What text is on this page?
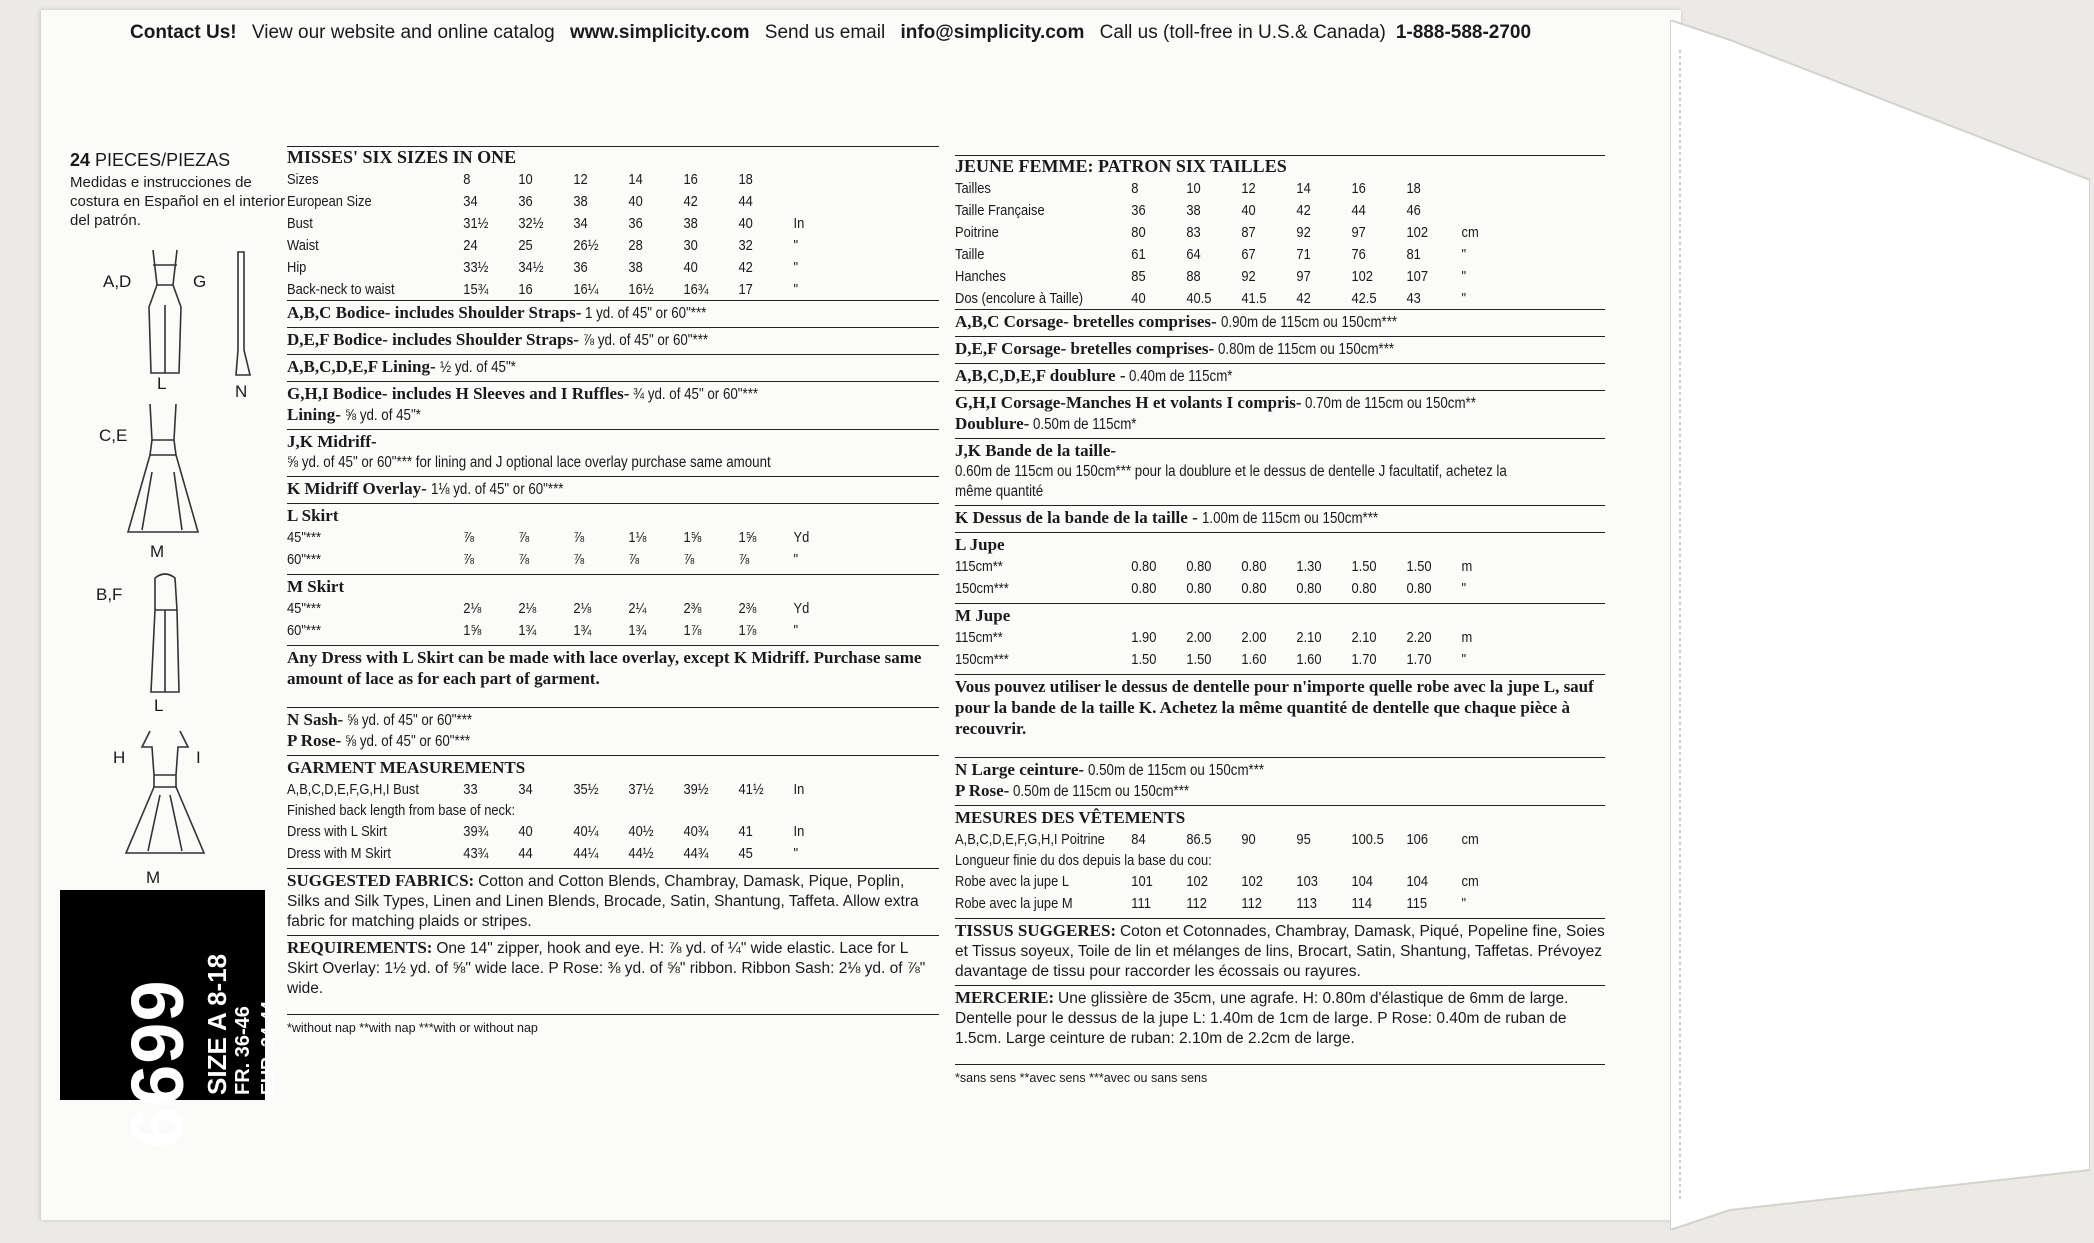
Contact Us! View our website and online catalog www.simplicity.com Send us email info@simplicity.com Call us (toll-free in U.S.& Canada) 1-888-588-2700
24 PIECES/PIEZAS
Medidas e instrucciones de costura en Español en el interior del patrón.
A,D	G
L	N
C,E
M
B,F
L
H	I
M
6699 SIZE A 8-18 FR. 36-46 EUR. 34-44
MISSES' SIX SIZES IN ONE
Sizes	8	10	12	14	16	18	
European Size	34	36	38	40	42	44	
Bust	31½	32½	34	36	38	40	In
Waist	24	25	26½	28	30	32	"
Hip	33½	34½	36	38	40	42	"
Back-neck to waist	15¾	16	16¼	16½	16¾	17	"
A,B,C Bodice- includes Shoulder Straps- 1 yd. of 45" or 60"***
D,E,F Bodice- includes Shoulder Straps- ⅞ yd. of 45" or 60"***
A,B,C,D,E,F Lining- ½ yd. of 45"*
G,H,I Bodice- includes H Sleeves and I Ruffles- ¾ yd. of 45" or 60"***
Lining- ⅝ yd. of 45"*
J,K Midriff- ⅝ yd. of 45" or 60"*** for lining and J optional lace overlay purchase same amount
K Midriff Overlay- 1⅛ yd. of 45" or 60"***
L Skirt
45"***	⅞	⅞	⅞	1⅛	1⅝	1⅝	Yd
60"***	⅞	⅞	⅞	⅞	⅞	⅞	"
M Skirt
45"***	2⅛	2⅛	2⅛	2¼	2⅜	2⅜	Yd
60"***	1⅝	1¾	1¾	1¾	1⅞	1⅞	"
Any Dress with L Skirt can be made with lace overlay, except K Midriff. Purchase same amount of lace as for each part of garment.
N Sash- ⅝ yd. of 45" or 60"***
P Rose- ⅝ yd. of 45" or 60"***
GARMENT MEASUREMENTS
A,B,C,D,E,F,G,H,I Bust	33	34	35½	37½	39½	41½	In
Finished back length from base of neck:
Dress with L Skirt	39¾	40	40¼	40½	40¾	41	In
Dress with M Skirt	43¾	44	44¼	44½	44¾	45	"
SUGGESTED FABRICS: Cotton and Cotton Blends, Chambray, Damask, Pique, Poplin, Silks and Silk Types, Linen and Linen Blends, Brocade, Satin, Shantung, Taffeta. Allow extra fabric for matching plaids or stripes.
REQUIREMENTS: One 14" zipper, hook and eye. H: ⅞ yd. of ¼" wide elastic. Lace for L Skirt Overlay: 1½ yd. of ⅝" wide lace. P Rose: ⅜ yd. of ⅝" ribbon. Ribbon Sash: 2⅛ yd. of ⅞" wide.
*without nap **with nap ***with or without nap
JEUNE FEMME: PATRON SIX TAILLES
Tailles	8	10	12	14	16	18	
Taille Française	36	38	40	42	44	46	
Poitrine	80	83	87	92	97	102	cm
Taille	61	64	67	71	76	81	"
Hanches	85	88	92	97	102	107	"
Dos (encolure à Taille)	40	40.5	41.5	42	42.5	43	"
A,B,C Corsage- bretelles comprises- 0.90m de 115cm ou 150cm***
D,E,F Corsage- bretelles comprises- 0.80m de 115cm ou 150cm***
A,B,C,D,E,F doublure - 0.40m de 115cm*
G,H,I Corsage-Manches H et volants I compris- 0.70m de 115cm ou 150cm**
Doublure- 0.50m de 115cm*
J,K Bande de la taille- 0.60m de 115cm ou 150cm*** pour la doublure et le dessus de dentelle J facultatif, achetez la même quantité
K Dessus de la bande de la taille - 1.00m de 115cm ou 150cm***
L Jupe
115cm**	0.80	0.80	0.80	1.30	1.50	1.50	m
150cm***	0.80	0.80	0.80	0.80	0.80	0.80	"
M Jupe
115cm**	1.90	2.00	2.00	2.10	2.10	2.20	m
150cm***	1.50	1.50	1.60	1.60	1.70	1.70	"
Vous pouvez utiliser le dessus de dentelle pour n'importe quelle robe avec la jupe L, sauf pour la bande de la taille K. Achetez la même quantité de dentelle que chaque pièce à recouvrir.
N Large ceinture- 0.50m de 115cm ou 150cm***
P Rose- 0.50m de 115cm ou 150cm***
MESURES DES VÊTEMENTS
A,B,C,D,E,F,G,H,I Poitrine	84	86.5	90	95	100.5	106	cm
Longueur finie du dos depuis la base du cou:
Robe avec la jupe L	101	102	102	103	104	104	cm
Robe avec la jupe M	111	112	112	113	114	115	"
TISSUS SUGGERES: Coton et Cotonnades, Chambray, Damask, Piqué, Popeline fine, Soies et Tissus soyeux, Toile de lin et mélanges de lins, Brocart, Satin, Shantung, Taffetas. Prévoyez davantage de tissu pour raccorder les écossais ou rayures.
MERCERIE: Une glissière de 35cm, une agrafe. H: 0.80m d'élastique de 6mm de large. Dentelle pour le dessus de la jupe L: 1.40m de 1cm de large. P Rose: 0.40m de ruban de 1.5cm. Large ceinture de ruban: 2.10m de 2.2cm de large.
*sans sens **avec sens ***avec ou sans sens
